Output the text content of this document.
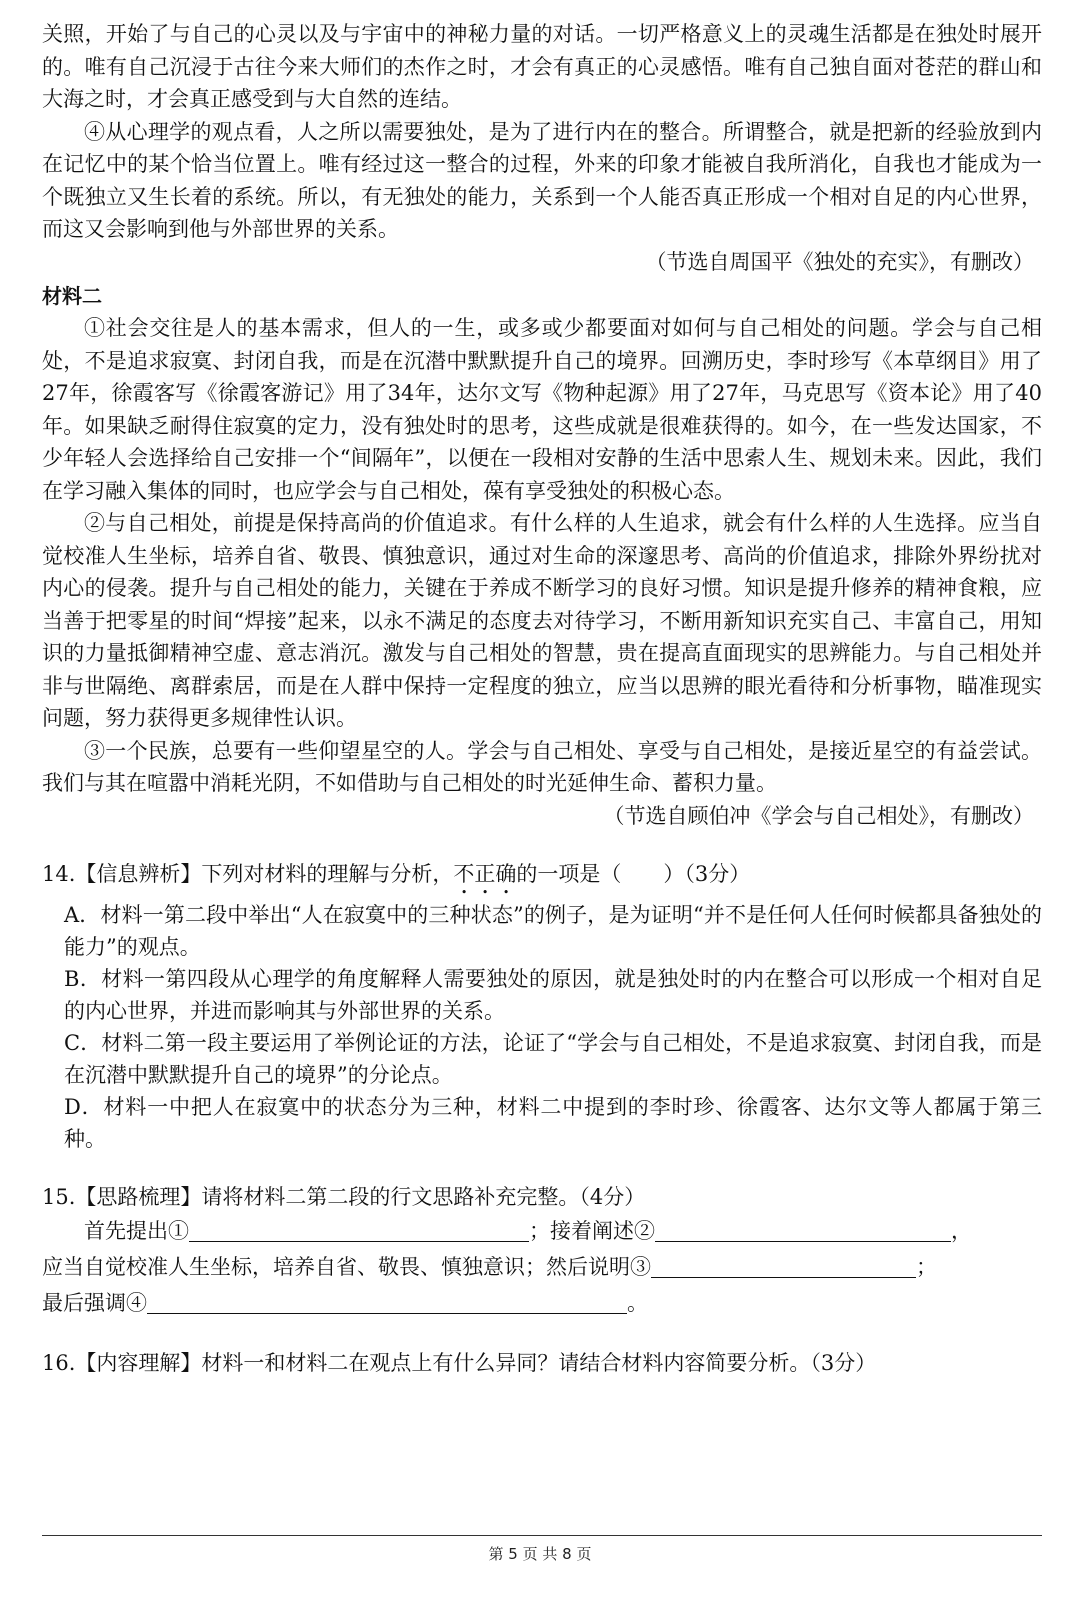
关照，开始了与自己的心灵以及与宇宙中的神秘力量的对话。一切严格意义上的灵魂生活都是在独处时展开的。唯有自己沉浸于古往今来大师们的杰作之时，才会有真正的心灵感悟。唯有自己独自面对苍茫的群山和大海之时，才会真正感受到与大自然的连结。

④从心理学的观点看，人之所以需要独处，是为了进行内在的整合。所谓整合，就是把新的经验放到内在记忆中的某个恰当位置上。唯有经过这一整合的过程，外来的印象才能被自我所消化，自我也才能成为一个既独立又生长着的系统。所以，有无独处的能力，关系到一个人能否真正形成一个相对自足的内心世界，而这又会影响到他与外部世界的关系。

（节选自周国平《独处的充实》，有删改）

材料二

①社会交往是人的基本需求，但人的一生，或多或少都要面对如何与自己相处的问题。学会与自己相处，不是追求寂寞、封闭自我，而是在沉潜中默默提升自己的境界。回溯历史，李时珍写《本草纲目》用了27年，徐霞客写《徐霞客游记》用了34年，达尔文写《物种起源》用了27年，马克思写《资本论》用了40年。如果缺乏耐得住寂寞的定力，没有独处时的思考，这些成就是很难获得的。如今，在一些发达国家，不少年轻人会选择给自己安排一个“间隔年”，以便在一段相对安静的生活中思索人生、规划未来。因此，我们在学习融入集体的同时，也应学会与自己相处，葆有享受独处的积极心态。

②与自己相处，前提是保持高尚的价值追求。有什么样的人生追求，就会有什么样的人生选择。应当自觉校准人生坐标，培养自省、敬畏、慎独意识，通过对生命的深邃思考、高尚的价值追求，排除外界纷扰对内心的侵袭。提升与自己相处的能力，关键在于养成不断学习的良好习惯。知识是提升修养的精神食粮，应当善于把零星的时间“焊接”起来，以永不满足的态度去对待学习，不断用新知识充实自己、丰富自己，用知识的力量抵御精神空虚、意志消沉。激发与自己相处的智慧，贵在提高直面现实的思辨能力。与自己相处并非与世隔绝、离群索居，而是在人群中保持一定程度的独立，应当以思辨的眼光看待和分析事物，瞄准现实问题，努力获得更多规律性认识。

③一个民族，总要有一些仰望星空的人。学会与自己相处、享受与自己相处，是接近星空的有益尝试。我们与其在喧嚣中消耗光阴，不如借助与自己相处的时光延伸生命、蓄积力量。

（节选自顾伯冲《学会与自己相处》，有删改）

14.【信息辨析】下列对材料的理解与分析，不正确的一项是（　　）（3分）

A．材料一第二段中举出“人在寂寞中的三种状态”的例子，是为证明“并不是任何人任何时候都具备独处的能力”的观点。

B．材料一第四段从心理学的角度解释人需要独处的原因，就是独处时的内在整合可以形成一个相对自足的内心世界，并进而影响其与外部世界的关系。

C．材料二第一段主要运用了举例论证的方法，论证了“学会与自己相处，不是追求寂寞、封闭自我，而是在沉潜中默默提升自己的境界”的分论点。

D．材料一中把人在寂寞中的状态分为三种，材料二中提到的李时珍、徐霞客、达尔文等人都属于第三种。

15.【思路梳理】请将材料二第二段的行文思路补充完整。（4分）

首先提出①	；接着阐述②	，

应当自觉校准人生坐标，培养自省、敬畏、慎独意识；然后说明③	；

最后强调④	。

16.【内容理解】材料一和材料二在观点上有什么异同？请结合材料内容简要分析。（3分）

第 5 页 共 8 页
